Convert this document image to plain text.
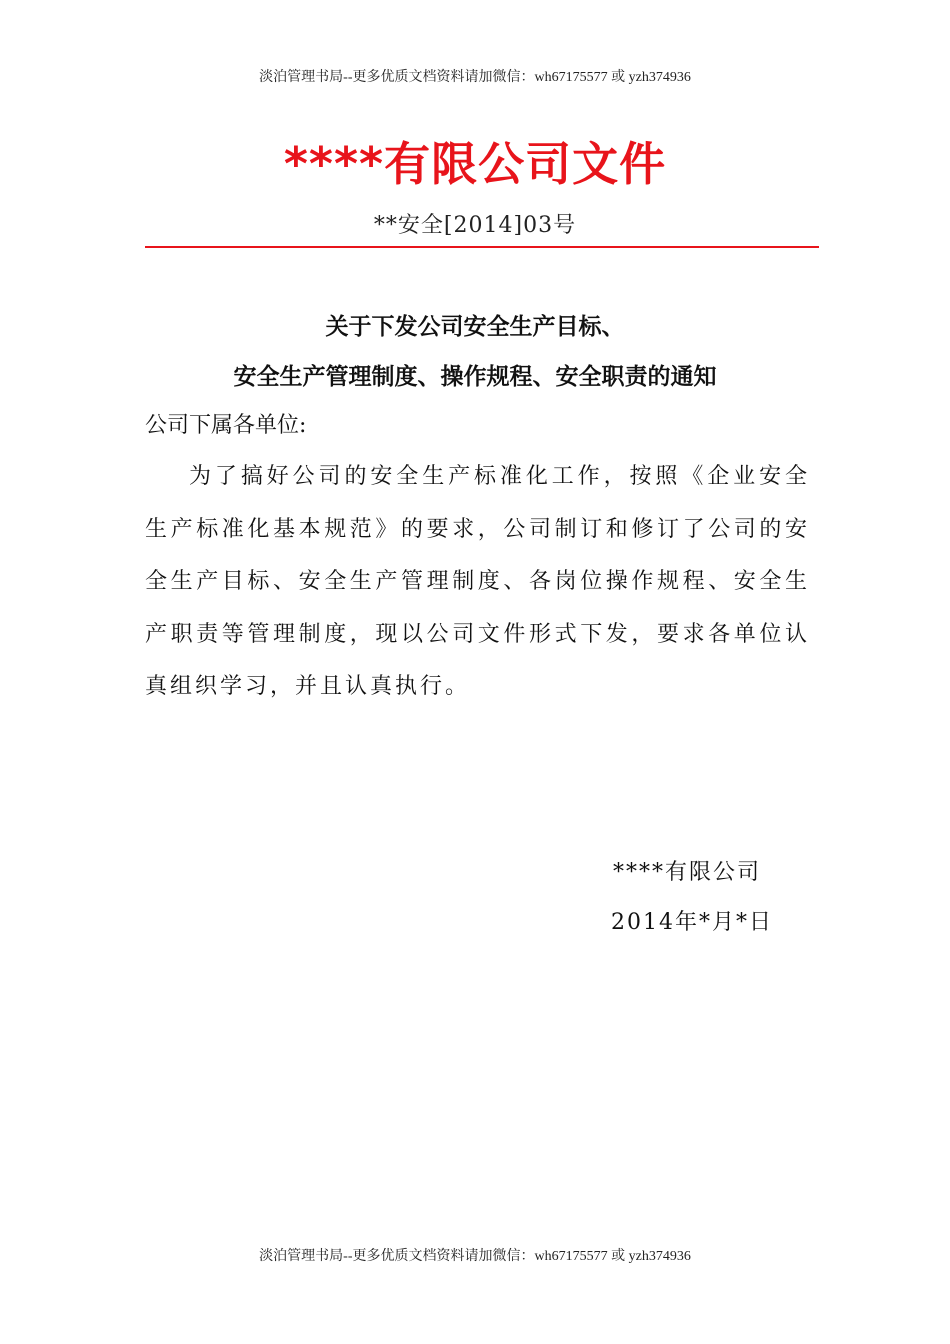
淡泊管理书局--更多优质文档资料请加微信：wh67175577 或 yzh374936
****有限公司文件
**安全[2014]03号
关于下发公司安全生产目标、
安全生产管理制度、操作规程、安全职责的通知
公司下属各单位:

为了搞好公司的安全生产标准化工作，按照《企业安全生产标准化基本规范》的要求，公司制订和修订了公司的安全生产目标、安全生产管理制度、各岗位操作规程、安全生产职责等管理制度，现以公司文件形式下发，要求各单位认真组织学习，并且认真执行。

****有限公司
2014年*月*日
淡泊管理书局--更多优质文档资料请加微信：wh67175577 或 yzh374936
